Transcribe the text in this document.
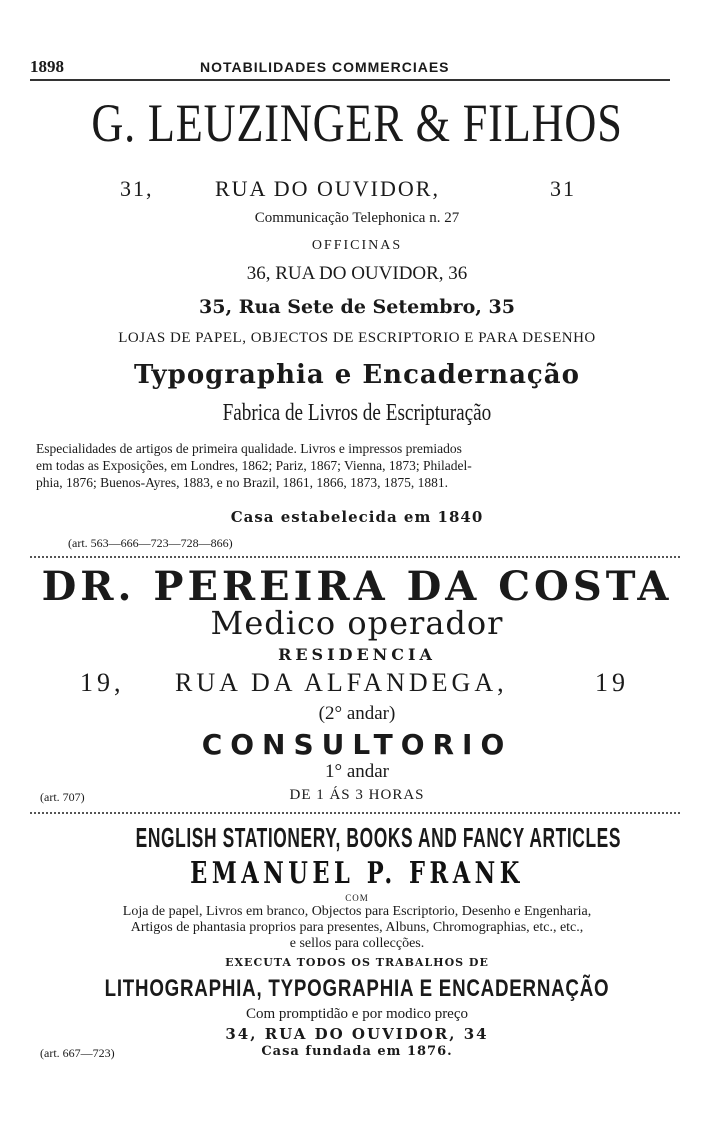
1898	NOTABILIDADES COMMERCIAES
G. LEUZINGER & FILHOS
31,	RUA DO OUVIDOR,	31
Communicação Telephonica n. 27
OFFICINAS
36, RUA DO OUVIDOR, 36
35, Rua Sete de Setembro, 35
LOJAS DE PAPEL, OBJECTOS DE ESCRIPTORIO E PARA DESENHO
Typographia e Encadernação
Fabrica de Livros de Escripturação
Especialidades de artigos de primeira qualidade. Livros e impressos premiados
em todas as Exposições, em Londres, 1862; Pariz, 1867; Vienna, 1873; Philadel-
phia, 1876; Buenos-Ayres, 1883, e no Brazil, 1861, 1866, 1873, 1875, 1881.
Casa estabelecida em 1840
(art. 563—666—723—728—866)
DR. PEREIRA DA COSTA
Medico operador
RESIDENCIA
19, RUA DA ALFANDEGA,	19
(2° andar)
CONSULTORIO
1° andar
DE 1 ÁS 3 HORAS
(art. 707)
ENGLISH STATIONERY, BOOKS AND FANCY ARTICLES
EMANUEL P. FRANK
COM
Loja de papel, Livros em branco, Objectos para Escriptorio, Desenho e Engenharia,
Artigos de phantasia proprios para presentes, Albuns, Chromographias, etc., etc.,
e sellos para collecções.
EXECUTA TODOS OS TRABALHOS DE
LITHOGRAPHIA, TYPOGRAPHIA E ENCADERNAÇÃO
Com promptidão e por modico preço
34, RUA DO OUVIDOR, 34
Casa fundada em 1876.
(art. 667—723)
